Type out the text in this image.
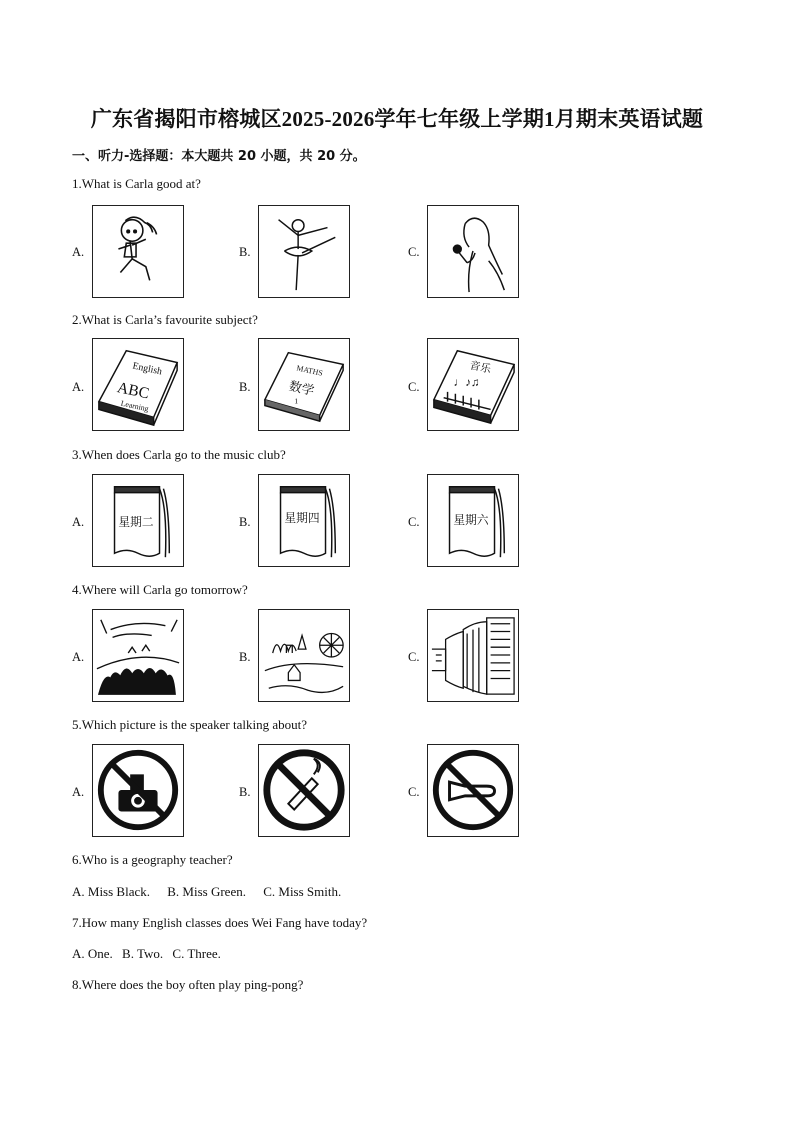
广东省揭阳市榕城区2025-2026学年七年级上学期1月期末英语试题
一、听力-选择题：本大题共 20 小题，共 20 分。
1.What is Carla good at?
A.	B.	C.
2.What is Carla’s favourite subject?
A.
English
ABC
Learning
B.
MATHS
数学
1
C.
音乐
♩♪♫
3.When does Carla go to the music club?
A.	星期二	B.	星期四	C.	星期六
4.Where will Carla go tomorrow?
A.	B.	C.
5.Which picture is the speaker talking about?
A.	B.	C.
6.Who is a geography teacher?
A. Miss Black. B. Miss Green. C. Miss Smith.
7.How many English classes does Wei Fang have today?
A. One. B. Two. C. Three.
8.Where does the boy often play ping-pong?
